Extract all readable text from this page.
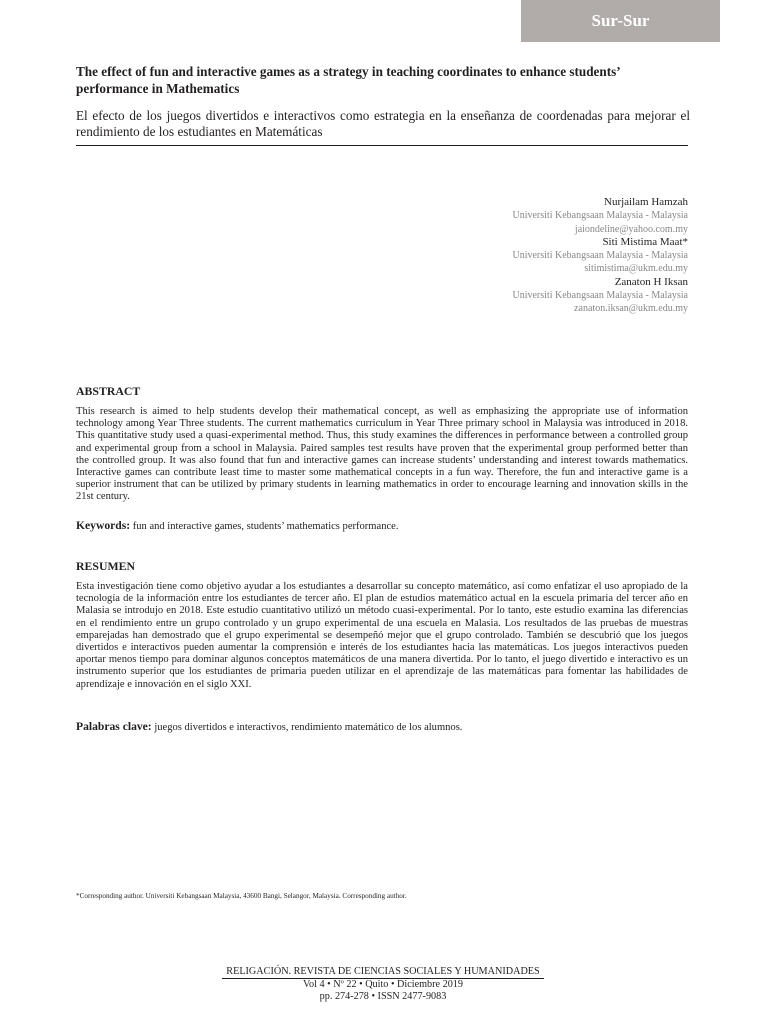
Sur-Sur
The effect of fun and interactive games as a strategy in teaching coordinates to enhance students’ performance in Mathematics

El efecto de los juegos divertidos e interactivos como estrategia en la enseñanza de coordenadas para mejorar el rendimiento de los estudiantes en Matemáticas

Nurjailam Hamzah
Universiti Kebangsaan Malaysia - Malaysia
jaiondeline@yahoo.com.my
Siti Mistima Maat*
Universiti Kebangsaan Malaysia - Malaysia
sitimistima@ukm.edu.my
Zanaton H Iksan
Universiti Kebangsaan Malaysia - Malaysia
zanaton.iksan@ukm.edu.my
ABSTRACT

This research is aimed to help students develop their mathematical concept, as well as emphasizing the appropriate use of information technology among Year Three students. The current mathematics curriculum in Year Three primary school in Malaysia was introduced in 2018. This quantitative study used a quasi-experimental method. Thus, this study examines the differences in performance between a controlled group and experimental group from a school in Malaysia. Paired samples test results have proven that the experimental group performed better than the controlled group. It was also found that fun and interactive games can increase students’ understanding and interest towards mathematics. Interactive games can contribute least time to master some mathematical concepts in a fun way. Therefore, the fun and interactive game is a superior instrument that can be utilized by primary students in learning mathematics in order to encourage learning and innovation skills in the 21st century.

Keywords: fun and interactive games, students’ mathematics performance.

RESUMEN

Esta investigación tiene como objetivo ayudar a los estudiantes a desarrollar su concepto matemático, así como enfatizar el uso apropiado de la tecnología de la información entre los estudiantes de tercer año. El plan de estudios matemático actual en la escuela primaria del tercer año en Malasia se introdujo en 2018. Este estudio cuantitativo utilizó un método cuasi-experimental. Por lo tanto, este estudio examina las diferencias en el rendimiento entre un grupo controlado y un grupo experimental de una escuela en Malasia. Los resultados de las pruebas de muestras emparejadas han demostrado que el grupo experimental se desempeñó mejor que el grupo controlado. También se descubrió que los juegos divertidos e interactivos pueden aumentar la comprensión e interés de los estudiantes hacia las matemáticas. Los juegos interactivos pueden aportar menos tiempo para dominar algunos conceptos matemáticos de una manera divertida. Por lo tanto, el juego divertido e interactivo es un instrumento superior que los estudiantes de primaria pueden utilizar en el aprendizaje de las matemáticas para fomentar las habilidades de aprendizaje e innovación en el siglo XXI.

Palabras clave: juegos divertidos e interactivos, rendimiento matemático de los alumnos.

*Corresponding author. Universiti Kebangsaan Malaysia, 43600 Bangi, Selangor, Malaysia. Corresponding author.

RELIGACIÓN. REVISTA DE CIENCIAS SOCIALES Y HUMANIDADES
Vol 4 • Nº 22 • Quito • Diciembre 2019
pp. 274-278 • ISSN 2477-9083
